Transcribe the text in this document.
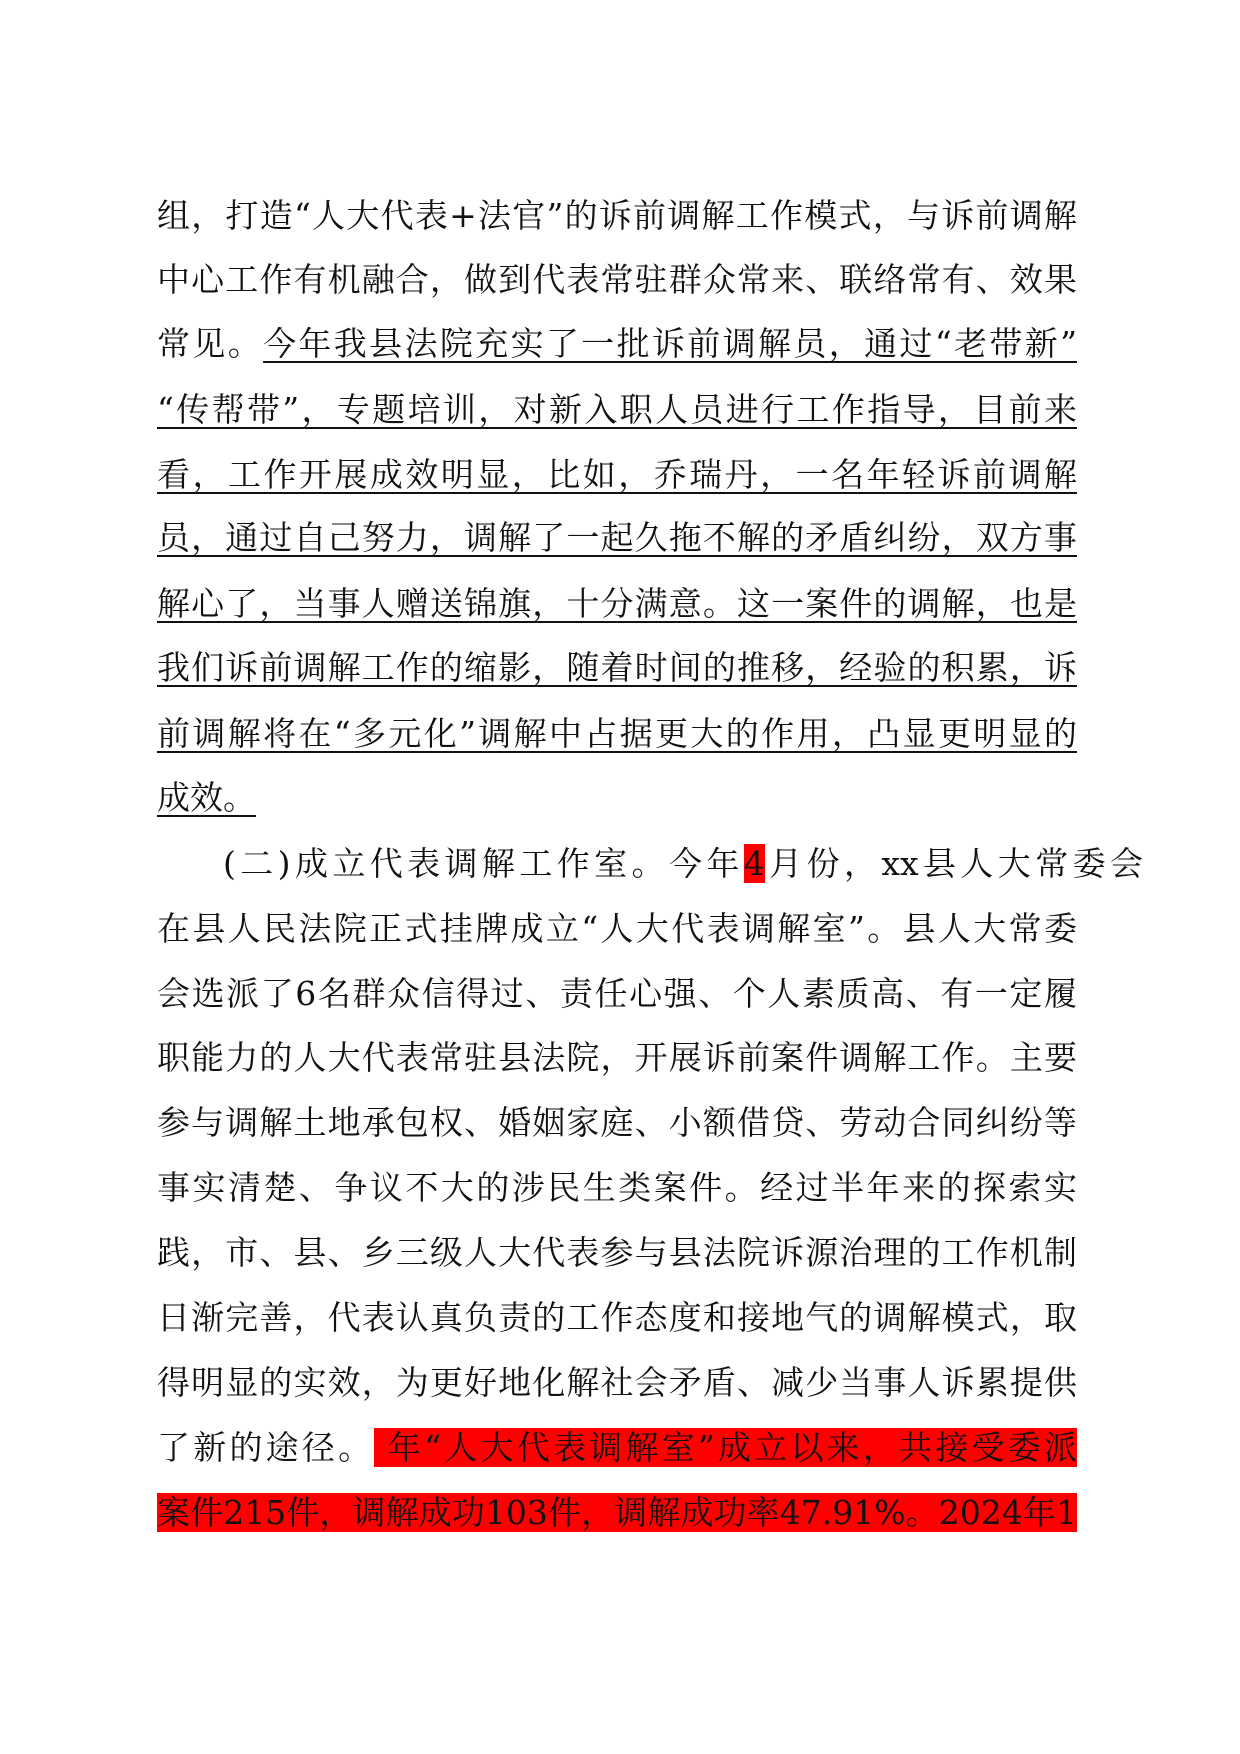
组，打造“人大代表+法官”的诉前调解工作模式，与诉前调解
中心工作有机融合，做到代表常驻群众常来、联络常有、效果
常见。今年我县法院充实了一批诉前调解员，通过“老带新”
“传帮带”，专题培训，对新入职人员进行工作指导，目前来
看，工作开展成效明显，比如，乔瑞丹，一名年轻诉前调解
员，通过自己努力，调解了一起久拖不解的矛盾纠纷，双方事
解心了，当事人赠送锦旗，十分满意。这一案件的调解，也是
我们诉前调解工作的缩影，随着时间的推移，经验的积累，诉
前调解将在“多元化”调解中占据更大的作用，凸显更明显的
成效。
(二)成立代表调解工作室。今年4月份，xx县人大常委会
在县人民法院正式挂牌成立“人大代表调解室”。县人大常委
会选派了6名群众信得过、责任心强、个人素质高、有一定履
职能力的人大代表常驻县法院，开展诉前案件调解工作。主要
参与调解土地承包权、婚姻家庭、小额借贷、劳动合同纠纷等
事实清楚、争议不大的涉民生类案件。经过半年来的探索实
践，市、县、乡三级人大代表参与县法院诉源治理的工作机制
日渐完善，代表认真负责的工作态度和接地气的调解模式，取
得明显的实效，为更好地化解社会矛盾、减少当事人诉累提供
了新的途径。 年“人大代表调解室”成立以来，共接受委派
案件215件，调解成功103件，调解成功率47.91%。2024年1
